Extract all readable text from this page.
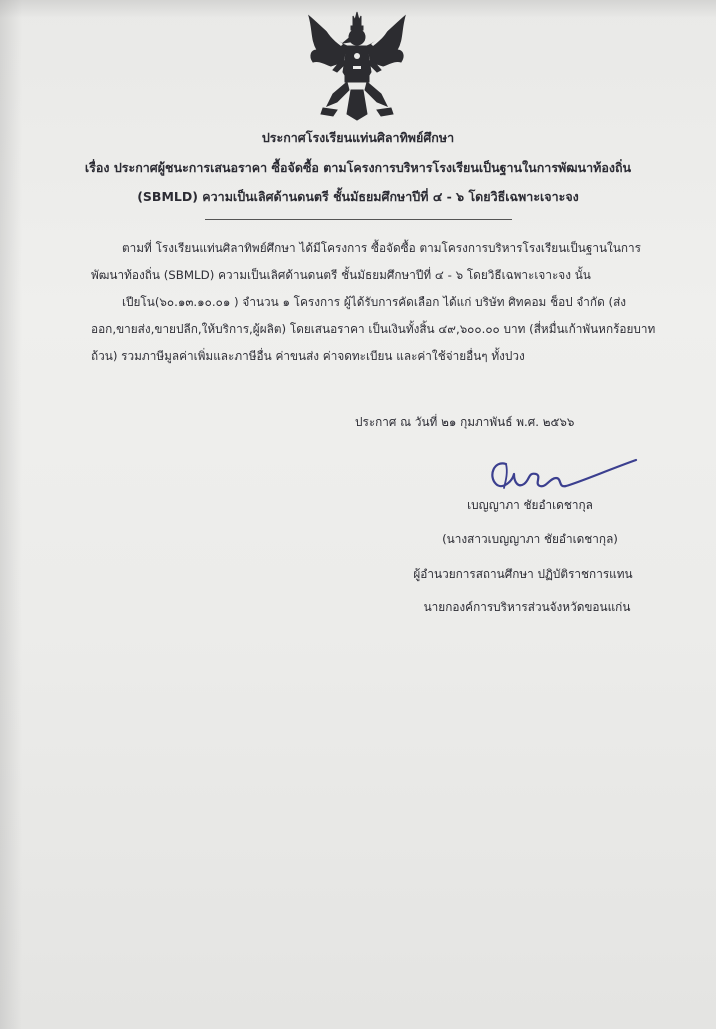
ประกาศโรงเรียนแท่นศิลาทิพย์ศึกษา
เรื่อง ประกาศผู้ชนะการเสนอราคา ซื้อจัดซื้อ ตามโครงการบริหารโรงเรียนเป็นฐานในการพัฒนาท้องถิ่น
(SBMLD) ความเป็นเลิศด้านดนตรี ชั้นมัธยมศึกษาปีที่ ๔ - ๖ โดยวิธีเฉพาะเจาะจง
ตามที่ โรงเรียนแท่นศิลาทิพย์ศึกษา ได้มีโครงการ ซื้อจัดซื้อ ตามโครงการบริหารโรงเรียนเป็นฐานในการ
พัฒนาท้องถิ่น (SBMLD) ความเป็นเลิศด้านดนตรี ชั้นมัธยมศึกษาปีที่ ๔ - ๖ โดยวิธีเฉพาะเจาะจง นั้น
เปียโน(๖๐.๑๓.๑๐.๐๑ ) จำนวน ๑ โครงการ ผู้ได้รับการคัดเลือก ได้แก่ บริษัท ศิทคอม ช็อป จำกัด (ส่ง
ออก,ขายส่ง,ขายปลีก,ให้บริการ,ผู้ผลิต) โดยเสนอราคา เป็นเงินทั้งสิ้น ๔๙,๖๐๐.๐๐ บาท (สี่หมื่นเก้าพันหกร้อยบาท
ถ้วน) รวมภาษีมูลค่าเพิ่มและภาษีอื่น ค่าขนส่ง ค่าจดทะเบียน และค่าใช้จ่ายอื่นๆ ทั้งปวง
ประกาศ ณ วันที่ ๒๑ กุมภาพันธ์ พ.ศ. ๒๕๖๖
เบญญาภา ชัยอำเดชากุล
(นางสาวเบญญาภา ชัยอำเดชากุล)
ผู้อำนวยการสถานศึกษา ปฏิบัติราชการแทน
นายกองค์การบริหารส่วนจังหวัดขอนแก่น
